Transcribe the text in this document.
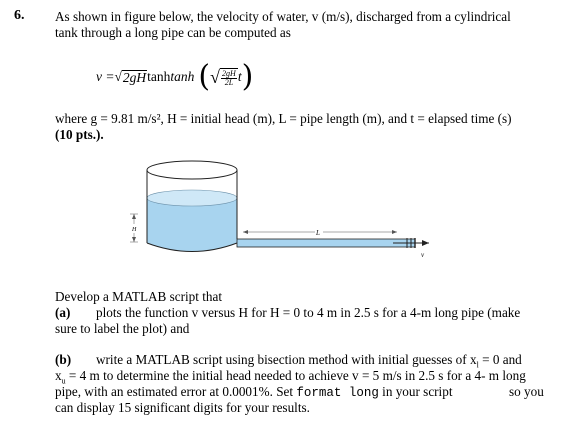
6. As shown in figure below, the velocity of water, v (m/s), discharged from a cylindrical
tank through a long pipe can be computed as
v = √ 2gH tanh tanh ( √ $\frac{2gH}{2L}$ t )
where g = 9.81 m/s², H = initial head (m), L = pipe length (m), and t = elapsed time (s)
(10 pts.).
v
L
H
Develop a MATLAB script that
(a) plots the function v versus H for H = 0 to 4 m in 2.5 s for a 4-m long pipe (make
sure to label the plot) and
(b) write a MATLAB script using bisection method with initial guesses of $x_l = 0$ and
$x_u = 4$ m to determine the initial head needed to achieve v = 5 m/s in 2.5 s for a 4- m long
pipe, with an estimated error at 0.0001%. Set format long in your script	so you
can display 15 significant digits for your results.
